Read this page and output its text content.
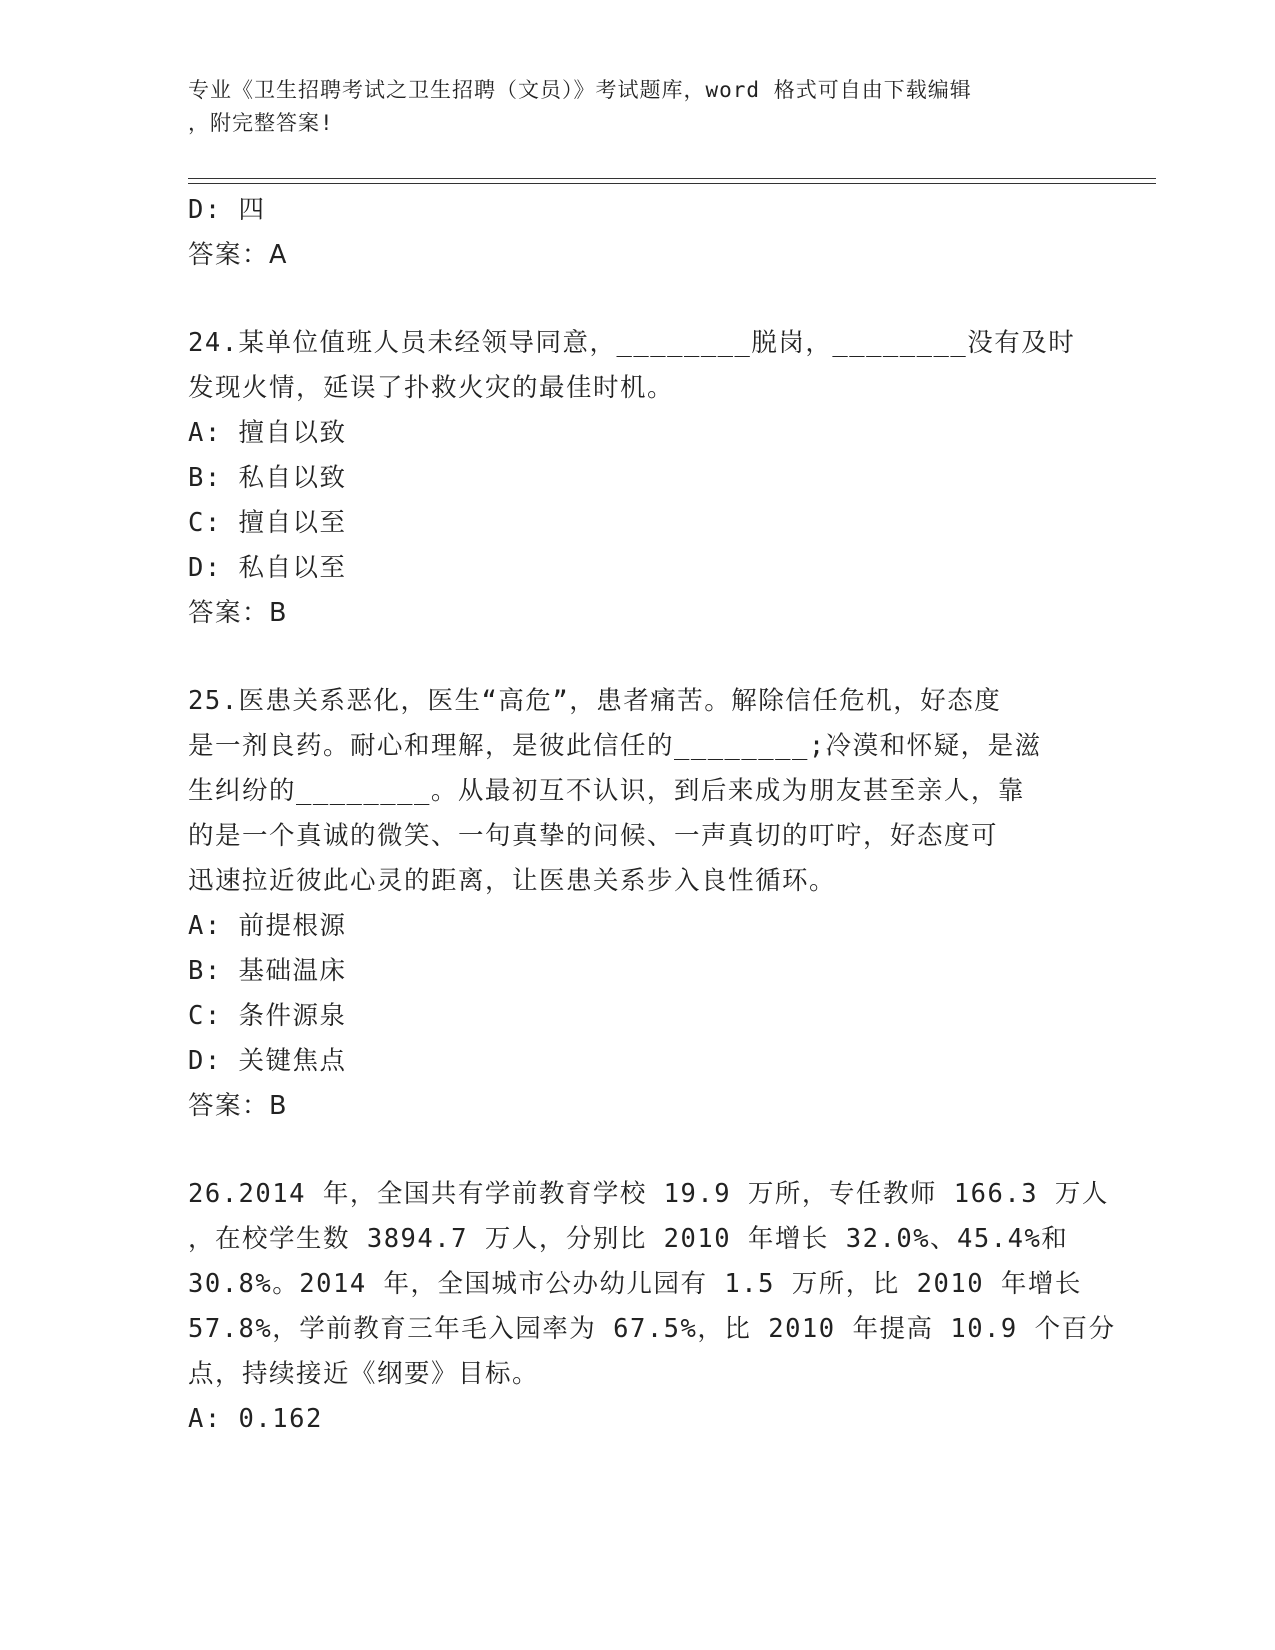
专业《卫生招聘考试之卫生招聘（文员）》考试题库，word 格式可自由下载编辑
，附完整答案!
D: 四
答案：A
24.某单位值班人员未经领导同意，________脱岗，________没有及时
发现火情，延误了扑救火灾的最佳时机。
A: 擅自以致
B: 私自以致
C: 擅自以至
D: 私自以至
答案：B
25.医患关系恶化，医生“高危”，患者痛苦。解除信任危机，好态度
是一剂良药。耐心和理解，是彼此信任的________;冷漠和怀疑，是滋
生纠纷的________。从最初互不认识，到后来成为朋友甚至亲人，靠
的是一个真诚的微笑、一句真挚的问候、一声真切的叮咛，好态度可
迅速拉近彼此心灵的距离，让医患关系步入良性循环。
A: 前提根源
B: 基础温床
C: 条件源泉
D: 关键焦点
答案：B
26.2014 年，全国共有学前教育学校 19.9 万所，专任教师 166.3 万人
，在校学生数 3894.7 万人，分别比 2010 年增长 32.0%、45.4%和
30.8%。2014 年，全国城市公办幼儿园有 1.5 万所，比 2010 年增长
57.8%，学前教育三年毛入园率为 67.5%，比 2010 年提高 10.9 个百分
点，持续接近《纲要》目标。
A: 0.162
